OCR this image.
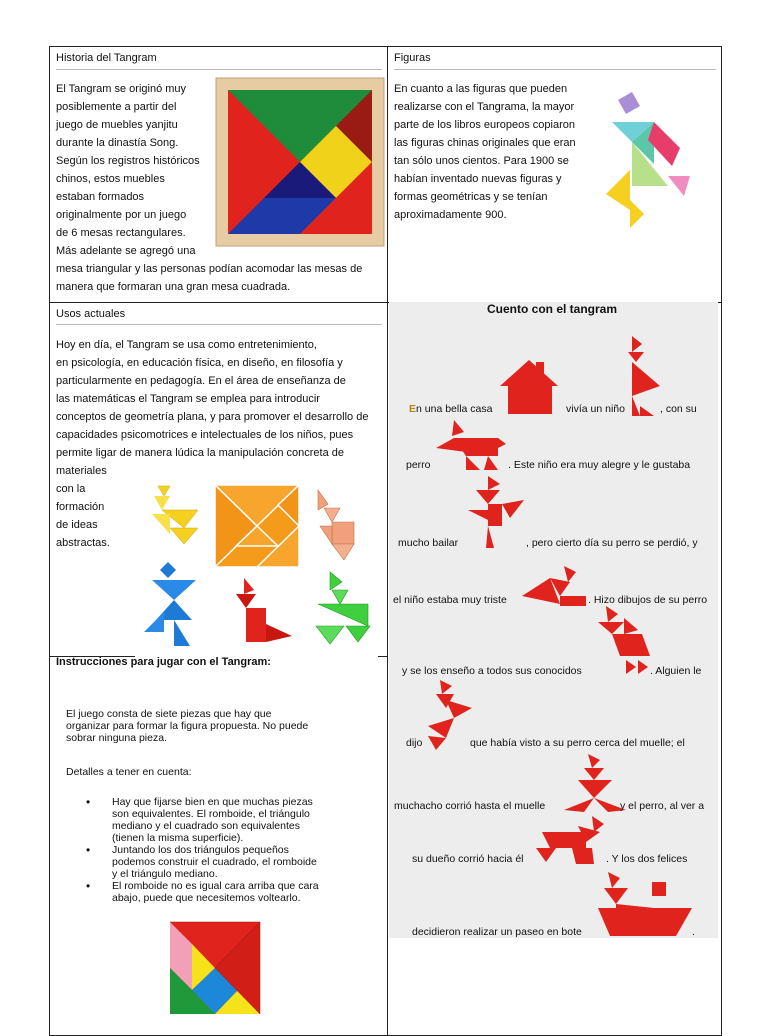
Historia del Tangram
El Tangram se originó muy
posiblemente a partir del
juego de muebles yanjitu
durante la dinastía Song.
Según los registros históricos
chinos, estos muebles
estaban formados
originalmente por un juego
de 6 mesas rectangulares.
Más adelante se agregó una
mesa triangular y las personas podían acomodar las mesas de
manera que formaran una gran mesa cuadrada.
Figuras
En cuanto a las figuras que pueden
realizarse con el Tangrama, la mayor
parte de los libros europeos copiaron
las figuras chinas originales que eran
tan sólo unos cientos. Para 1900 se
habían inventado nuevas figuras y
formas geométricas y se tenían
aproximadamente 900.
Usos actuales
Hoy en día, el Tangram se usa como entretenimiento,
en psicología, en educación física, en diseño, en filosofía y
particularmente en pedagogía. En el área de enseñanza de
las matemáticas el Tangram se emplea para introducir
conceptos de geometría plana, y para promover el desarrollo de
capacidades psicomotrices e intelectuales de los niños, pues
permite ligar de manera lúdica la manipulación concreta de
materiales
con la
formación
de ideas
abstractas.
Instrucciones para jugar con el Tangram:
El juego consta de siete piezas que hay que
organizar para formar la figura propuesta. No puede
sobrar ninguna pieza.
Detalles a tener en cuenta:
• Hay que fijarse bien en que muchas piezas
son equivalentes. El romboide, el triángulo
mediano y el cuadrado son equivalentes
(tienen la misma superficie).
• Juntando los dos triángulos pequeños
podemos construir el cuadrado, el romboide
y el triángulo mediano.
• El romboide no es igual cara arriba que cara
abajo, puede que necesitemos voltearlo.
Cuento con el tangram
En una bella casa	vivía un niño	, con su
perro	. Este niño era muy alegre y le gustaba
mucho bailar	, pero cierto día su perro se perdió, y
el niño estaba muy triste	. Hizo dibujos de su perro
y se los enseño a todos sus conocidos	. Alguien le
dijo	que había visto a su perro cerca del muelle; el
muchacho corrió hasta el muelle	y el perro, al ver a
su dueño corrió hacia él	. Y los dos felices
decidieron realizar un paseo en bote	.
